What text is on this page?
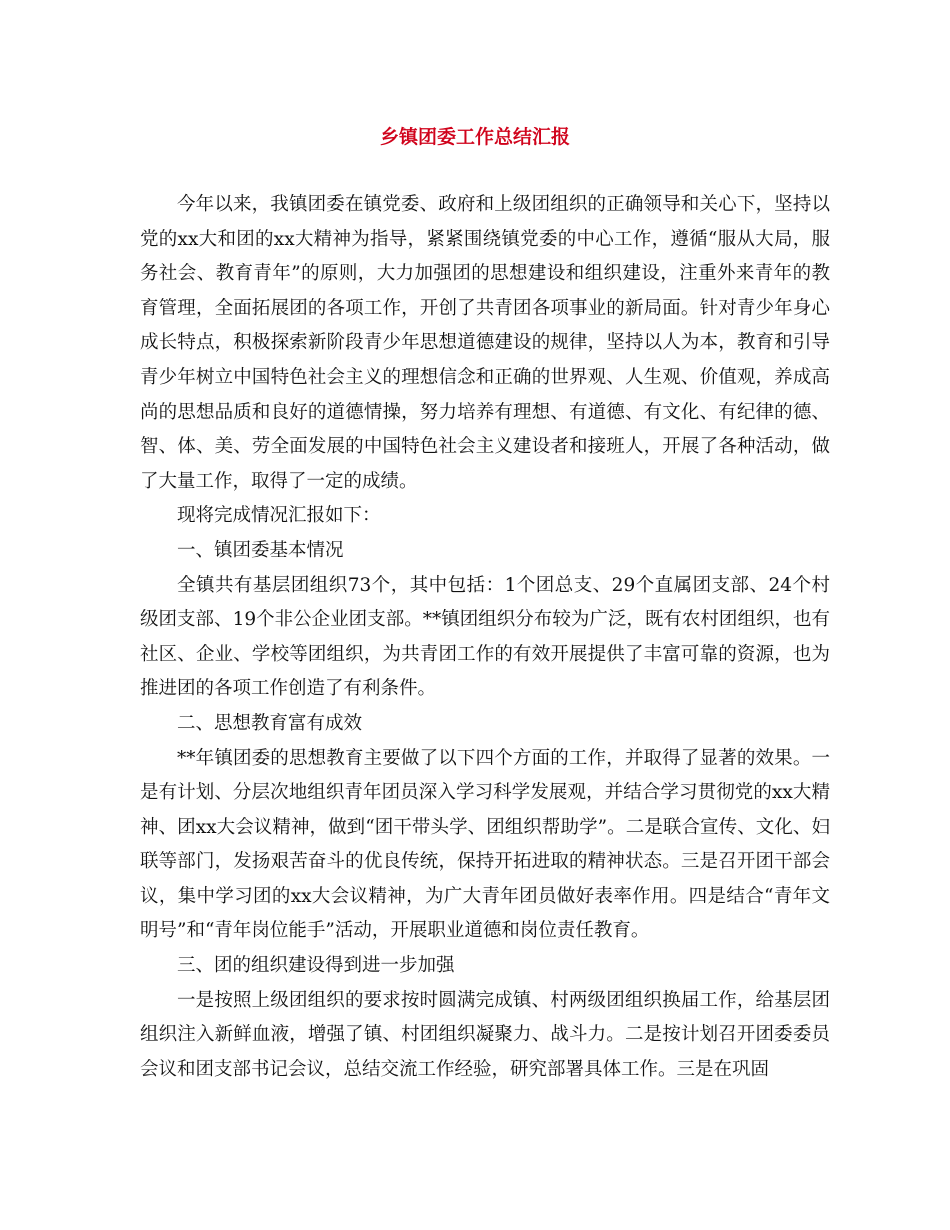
乡镇团委工作总结汇报

今年以来，我镇团委在镇党委、政府和上级团组织的正确领导和关心下，坚持以党的xx大和团的xx大精神为指导，紧紧围绕镇党委的中心工作，遵循“服从大局，服务社会、教育青年”的原则，大力加强团的思想建设和组织建设，注重外来青年的教育管理，全面拓展团的各项工作，开创了共青团各项事业的新局面。针对青少年身心成长特点，积极探索新阶段青少年思想道德建设的规律，坚持以人为本，教育和引导青少年树立中国特色社会主义的理想信念和正确的世界观、人生观、价值观，养成高尚的思想品质和良好的道德情操，努力培养有理想、有道德、有文化、有纪律的德、智、体、美、劳全面发展的中国特色社会主义建设者和接班人，开展了各种活动，做了大量工作，取得了一定的成绩。

现将完成情况汇报如下：

一、镇团委基本情况

全镇共有基层团组织73个，其中包括：1个团总支、29个直属团支部、24个村级团支部、19个非公企业团支部。**镇团组织分布较为广泛，既有农村团组织，也有社区、企业、学校等团组织，为共青团工作的有效开展提供了丰富可靠的资源，也为推进团的各项工作创造了有利条件。

二、思想教育富有成效

**年镇团委的思想教育主要做了以下四个方面的工作，并取得了显著的效果。一是有计划、分层次地组织青年团员深入学习科学发展观，并结合学习贯彻党的xx大精神、团xx大会议精神，做到“团干带头学、团组织帮助学”。二是联合宣传、文化、妇联等部门，发扬艰苦奋斗的优良传统，保持开拓进取的精神状态。三是召开团干部会议，集中学习团的xx大会议精神，为广大青年团员做好表率作用。四是结合“青年文明号”和“青年岗位能手”活动，开展职业道德和岗位责任教育。

三、团的组织建设得到进一步加强

一是按照上级团组织的要求按时圆满完成镇、村两级团组织换届工作，给基层团组织注入新鲜血液，增强了镇、村团组织凝聚力、战斗力。二是按计划召开团委委员会议和团支部书记会议，总结交流工作经验，研究部署具体工作。三是在巩固
